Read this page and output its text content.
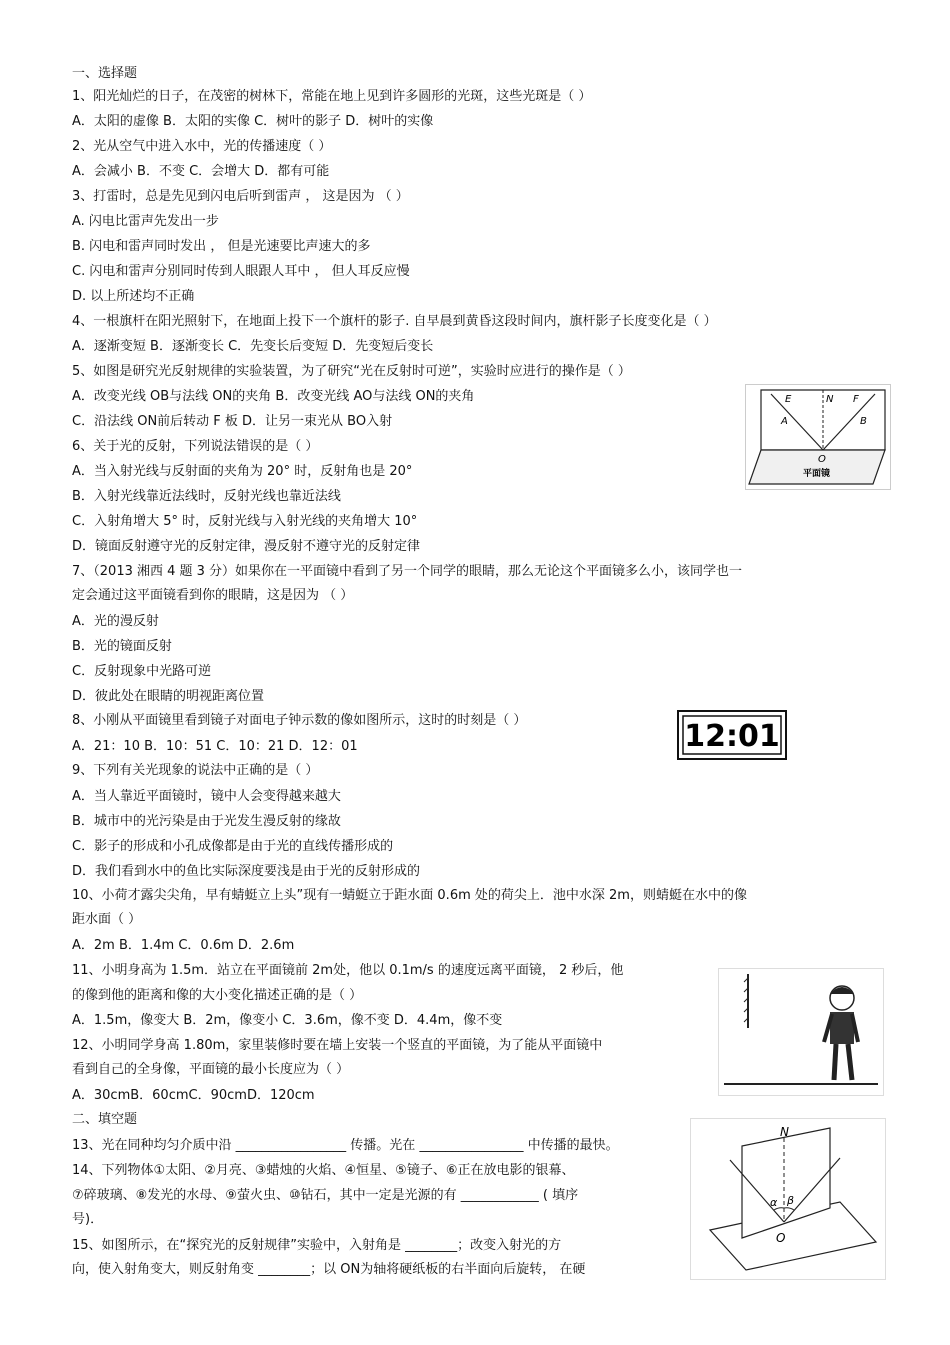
一、选择题
1、阳光灿烂的日子，在茂密的树林下，常能在地上见到许多圆形的光斑，这些光斑是（ ）
A．太阳的虚像 B．太阳的实像 C．树叶的影子 D．树叶的实像
2、光从空气中进入水中，光的传播速度（ ）
A．会减小 B．不变 C．会增大 D．都有可能
3、打雷时，总是先见到闪电后听到雷声 ， 这是因为 （ ）
A. 闪电比雷声先发出一步
B. 闪电和雷声同时发出 ， 但是光速要比声速大的多
C. 闪电和雷声分别同时传到人眼跟人耳中 ， 但人耳反应慢
D. 以上所述均不正确
4、一根旗杆在阳光照射下，在地面上投下一个旗杆的影子. 自早晨到黄昏这段时间内，旗杆影子长度变化是（ ）
A．逐渐变短 B．逐渐变长 C．先变长后变短 D．先变短后变长
5、如图是研究光反射规律的实验装置，为了研究“光在反射时可逆”，实验时应进行的操作是（ ）
A．改变光线 OB与法线 ON的夹角 B．改变光线 AO与法线 ON的夹角
C．沿法线 ON前后转动 F 板 D．让另一束光从 BO入射
6、关于光的反射，下列说法错误的是（ ）
A．当入射光线与反射面的夹角为 20° 时，反射角也是 20°
B．入射光线靠近法线时，反射光线也靠近法线
C．入射角增大 5° 时，反射光线与入射光线的夹角增大 10°
D．镜面反射遵守光的反射定律，漫反射不遵守光的反射定律
7、（2013 湘西 4 题 3 分）如果你在一平面镜中看到了另一个同学的眼睛，那么无论这个平面镜多么小，该同学也一
定会通过这平面镜看到你的眼睛，这是因为 （ ）
A．光的漫反射
B．光的镜面反射
C．反射现象中光路可逆
D．彼此处在眼睛的明视距离位置
8、小刚从平面镜里看到镜子对面电子钟示数的像如图所示，这时的时刻是（ ）
A．21：10 B．10：51 C．10：21 D．12：01
9、下列有关光现象的说法中正确的是（ ）
A．当人靠近平面镜时，镜中人会变得越来越大
B．城市中的光污染是由于光发生漫反射的缘故
C．影子的形成和小孔成像都是由于光的直线传播形成的
D．我们看到水中的鱼比实际深度要浅是由于光的反射形成的
10、小荷才露尖尖角，早有蜻蜓立上头”现有一蜻蜓立于距水面 0.6m 处的荷尖上．池中水深 2m，则蜻蜓在水中的像
距水面（ ）
A．2m B．1.4m C．0.6m D．2.6m
11、小明身高为 1.5m．站立在平面镜前 2m处，他以 0.1m/s 的速度远离平面镜， 2 秒后，他
的像到他的距离和像的大小变化描述正确的是（ ）
A．1.5m，像变大 B．2m，像变小 C．3.6m，像不变 D．4.4m，像不变
12、小明同学身高 1.80m，家里装修时要在墙上安装一个竖直的平面镜，为了能从平面镜中
看到自己的全身像，平面镜的最小长度应为（ ）
A．30cmB．60cmC．90cmD．120cm
二、填空题
13、光在同种均匀介质中沿 _________________ 传播。光在 ________________ 中传播的最快。
14、下列物体①太阳、②月亮、③蜡烛的火焰、④恒星、⑤镜子、⑥正在放电影的银幕、
⑦碎玻璃、⑧发光的水母、⑨萤火虫、⑩钻石，其中一定是光源的有 ____________ ( 填序
号)．
15、如图所示，在“探究光的反射规律”实验中，入射角是 ________；改变入射光的方
向，使入射角变大，则反射角变 ________；以 ON为轴将硬纸板的右半面向后旋转， 在硬
E	N F
A	B
O
平面镜
12:01
N
α β
O
